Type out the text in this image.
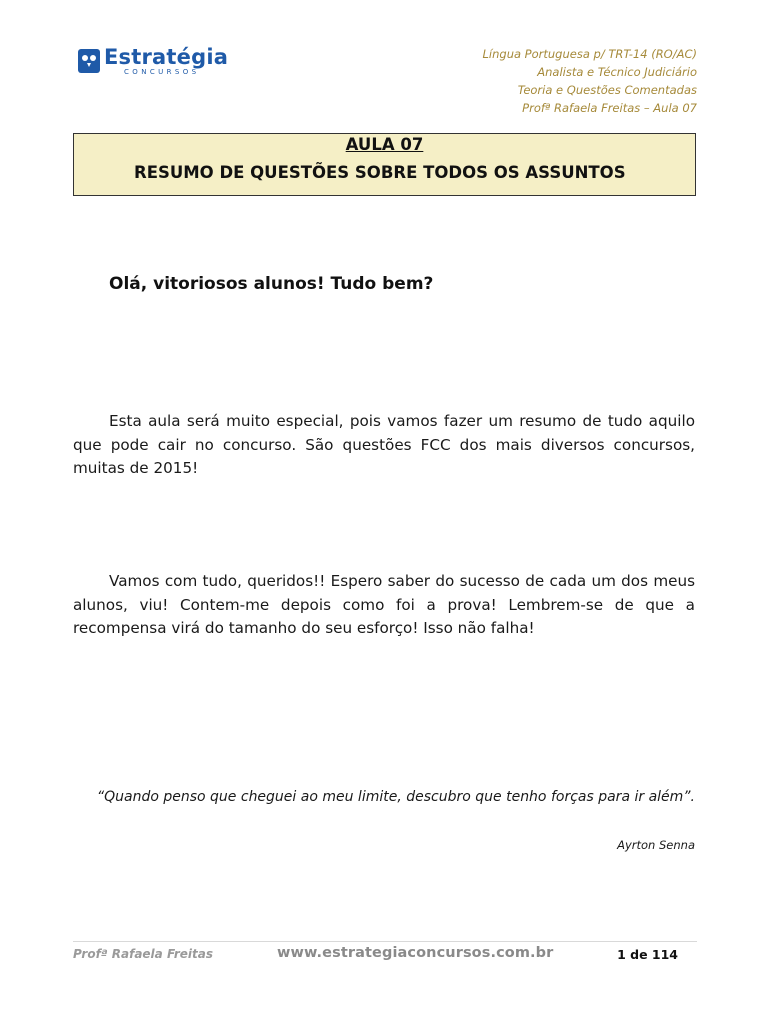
Estratégia
CONCURSOS
Língua Portuguesa p/ TRT-14 (RO/AC)
Analista e Técnico Judiciário
Teoria e Questões Comentadas
Profª Rafaela Freitas – Aula 07
AULA 07
RESUMO DE QUESTÕES SOBRE TODOS OS ASSUNTOS
Olá, vitoriosos alunos! Tudo bem?

Esta aula será muito especial, pois vamos fazer um resumo de tudo aquilo que pode cair no concurso. São questões FCC dos mais diversos concursos, muitas de 2015!

Vamos com tudo, queridos!! Espero saber do sucesso de cada um dos meus alunos, viu! Contem-me depois como foi a prova! Lembrem-se de que a recompensa virá do tamanho do seu esforço! Isso não falha!

“Quando penso que cheguei ao meu limite, descubro que tenho forças para ir além”.
Ayrton Senna
Profª Rafaela Freitas	www.estrategiaconcursos.com.br	1 de 114
